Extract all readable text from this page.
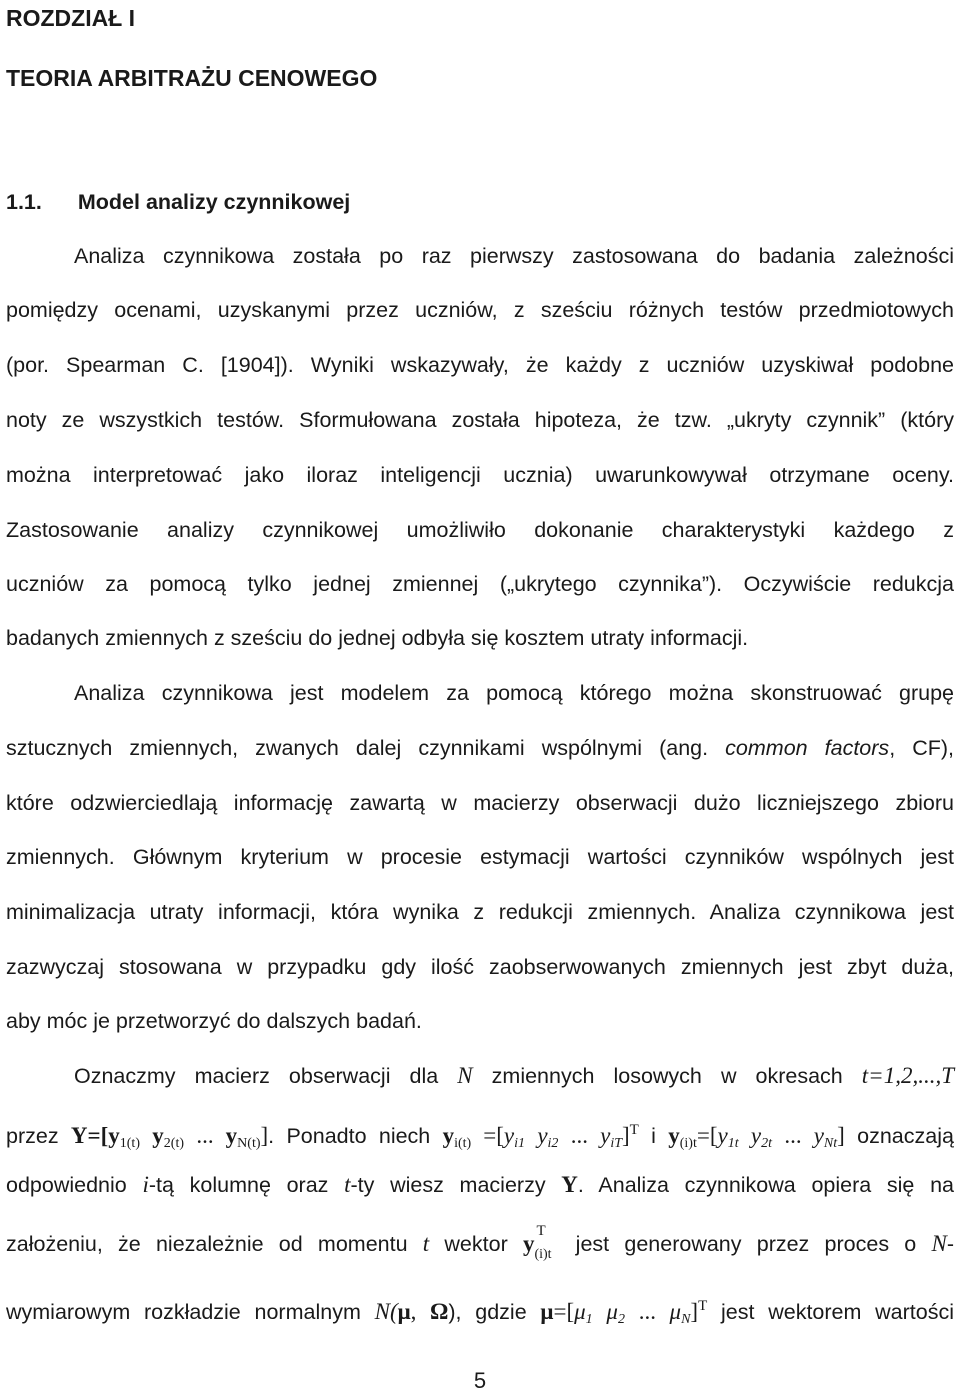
ROZDZIAŁ I
TEORIA ARBITRAŻU CENOWEGO
1.1. Model analizy czynnikowej
Analiza czynnikowa została po raz pierwszy zastosowana do badania zależności
pomiędzy ocenami, uzyskanymi przez uczniów, z sześciu różnych testów przedmiotowych
(por. Spearman C. [1904]). Wyniki wskazywały, że każdy z uczniów uzyskiwał podobne
noty ze wszystkich testów. Sformułowana została hipoteza, że tzw. „ukryty czynnik” (który
można interpretować jako iloraz inteligencji ucznia) uwarunkowywał otrzymane oceny.
Zastosowanie analizy czynnikowej umożliwiło dokonanie charakterystyki każdego z
uczniów za pomocą tylko jednej zmiennej („ukrytego czynnika”). Oczywiście redukcja
badanych zmiennych z sześciu do jednej odbyła się kosztem utraty informacji.
Analiza czynnikowa jest modelem za pomocą którego można skonstruować grupę
sztucznych zmiennych, zwanych dalej czynnikami wspólnymi (ang. common factors, CF),
które odzwierciedlają informację zawartą w macierzy obserwacji dużo liczniejszego zbioru
zmiennych. Głównym kryterium w procesie estymacji wartości czynników wspólnych jest
minimalizacja utraty informacji, która wynika z redukcji zmiennych. Analiza czynnikowa jest
zazwyczaj stosowana w przypadku gdy ilość zaobserwowanych zmiennych jest zbyt duża,
aby móc je przetworzyć do dalszych badań.
Oznaczmy macierz obserwacji dla N zmiennych losowych w okresach t=1,2,...,T
przez $Y=[y_{1(t)}$ $y_{2(t)}$ ... $y_{N(t)}$]. Ponadto niech $y_{i(t)} =[y_{i1}$ $y_{i2}$ ... $y_{iT}]^T$ i $y_{(i)t}=[y_{1t}$ $y_{2t}$ ... $y_{Nt}$] oznaczają
odpowiednio i-tą kolumnę oraz t-ty wiesz macierzy Y. Analiza czynnikowa opiera się na
założeniu, że niezależnie od momentu t wektor y T
(i)t jest generowany przez proces o N-
wymiarowym rozkładzie normalnym N(μ, Ω), gdzie $\mu=[\mu_1$ $\mu_2$ ... $\mu_N]^T$ jest wektorem wartości
5
